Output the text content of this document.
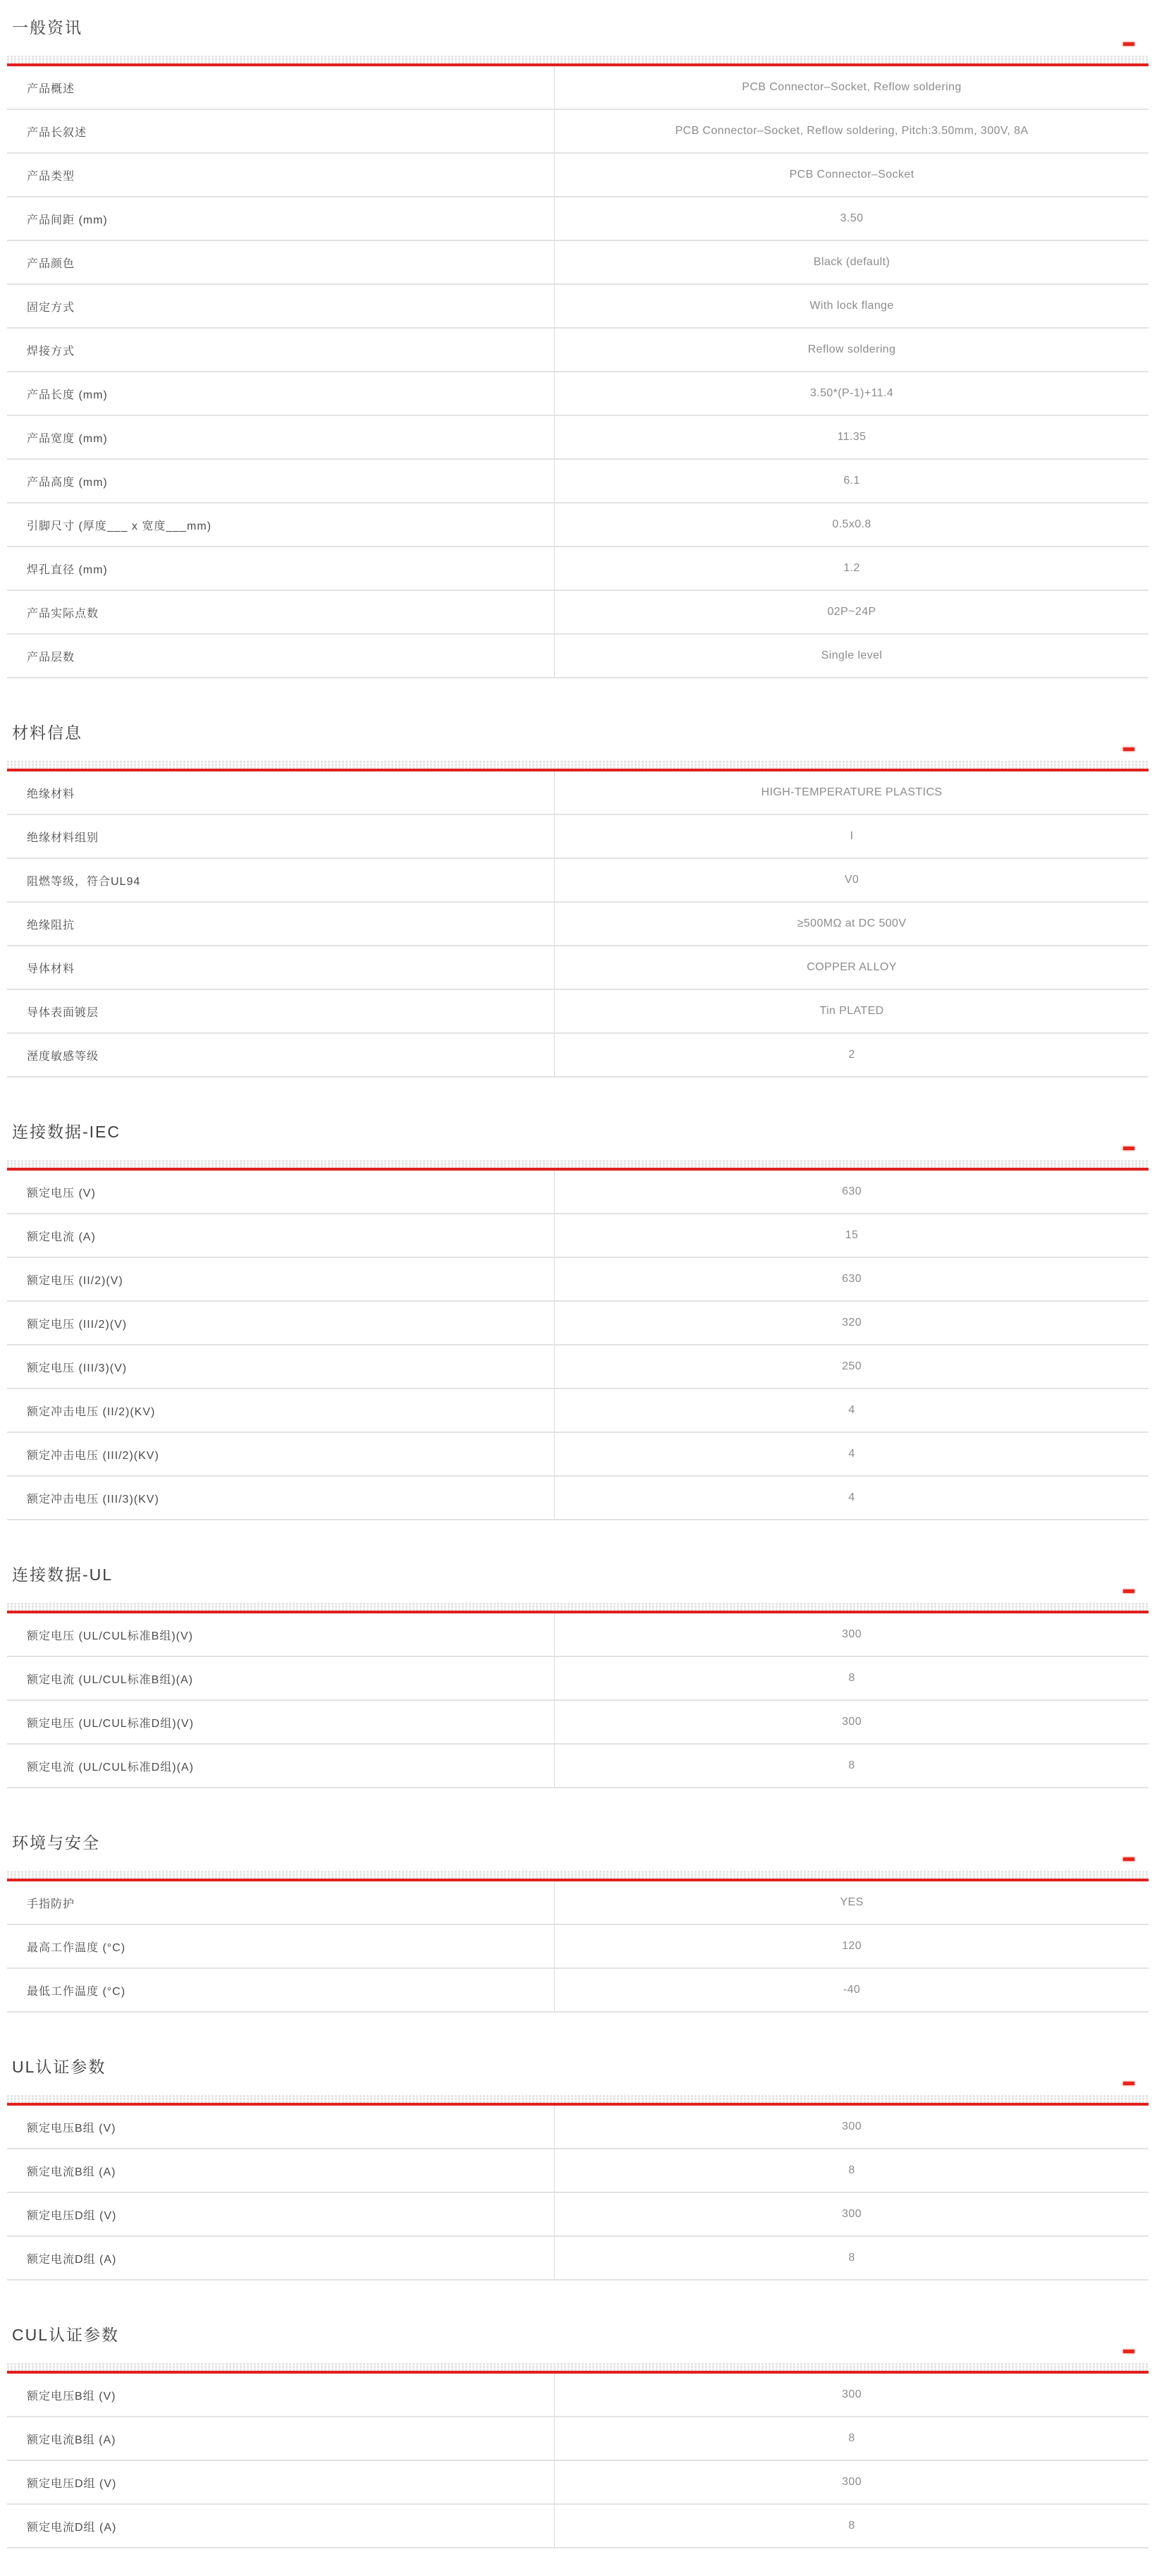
一般资讯
产品概述	PCB Connector–Socket, Reflow soldering
产品长叙述	PCB Connector–Socket, Reflow soldering, Pitch:3.50mm, 300V, 8A
产品类型	PCB Connector–Socket
产品间距 (mm)	3.50
产品颜色	Black (default)
固定方式	With lock flange
焊接方式	Reflow soldering
产品长度 (mm)	3.50*(P-1)+11.4
产品宽度 (mm)	11.35
产品高度 (mm)	6.1
引脚尺寸 (厚度___ x 宽度___mm)	0.5x0.8
焊孔直径 (mm)	1.2
产品实际点数	02P~24P
产品层数	Single level
材料信息
绝缘材料	HIGH-TEMPERATURE PLASTICS
绝缘材料组别	I
阻燃等级，符合UL94	V0
绝缘阻抗	≥500MΩ at DC 500V
导体材料	COPPER ALLOY
导体表面镀层	Tin PLATED
溼度敏感等级	2
连接数据-IEC
额定电压 (V)	630
额定电流 (A)	15
额定电压 (II/2)(V)	630
额定电压 (III/2)(V)	320
额定电压 (III/3)(V)	250
额定冲击电压 (II/2)(KV)	4
额定冲击电压 (III/2)(KV)	4
额定冲击电压 (III/3)(KV)	4
连接数据-UL
额定电压 (UL/CUL标准B组)(V)	300
额定电流 (UL/CUL标准B组)(A)	8
额定电压 (UL/CUL标准D组)(V)	300
额定电流 (UL/CUL标准D组)(A)	8
环境与安全
手指防护	YES
最高工作温度 (°C)	120
最低工作温度 (°C)	-40
UL认证参数
额定电压B组 (V)	300
额定电流B组 (A)	8
额定电压D组 (V)	300
额定电流D组 (A)	8
CUL认证参数
额定电压B组 (V)	300
额定电流B组 (A)	8
额定电压D组 (V)	300
额定电流D组 (A)	8
